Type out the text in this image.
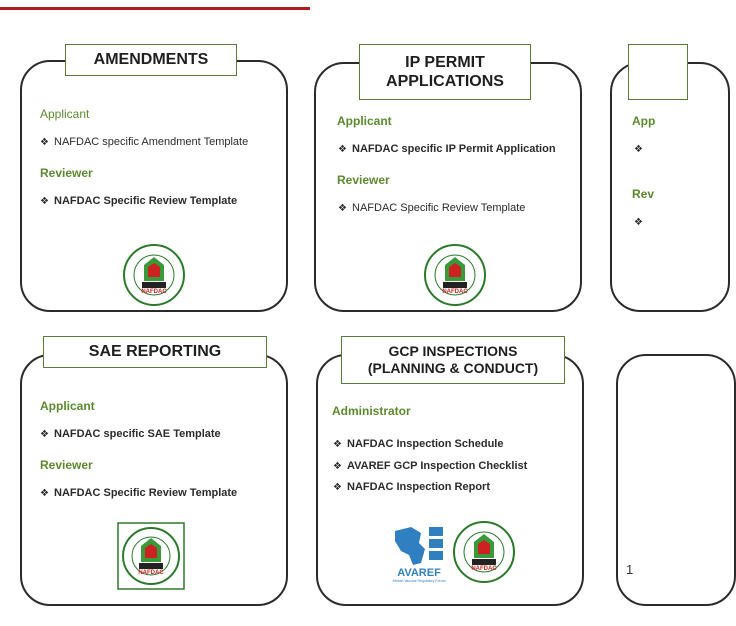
AMENDMENTS
Applicant
❖ NAFDAC specific Amendment Template
Reviewer
❖ NAFDAC Specific Review Template
NAFDAC
IP PERMIT
APPLICATIONS
Applicant
❖ NAFDAC specific IP Permit Application
Reviewer
❖ NAFDAC Specific Review Template
NAFDAC
App
❖
Rev
❖
SAE REPORTING
Applicant
❖ NAFDAC specific SAE Template
Reviewer
❖ NAFDAC Specific Review Template
NAFDAC
GCP INSPECTIONS
(PLANNING & CONDUCT)
Administrator
❖ NAFDAC Inspection Schedule
❖ AVAREF GCP Inspection Checklist
❖ NAFDAC Inspection Report
AVAREF
African Vaccine Regulatory Forum
NAFDAC	1
